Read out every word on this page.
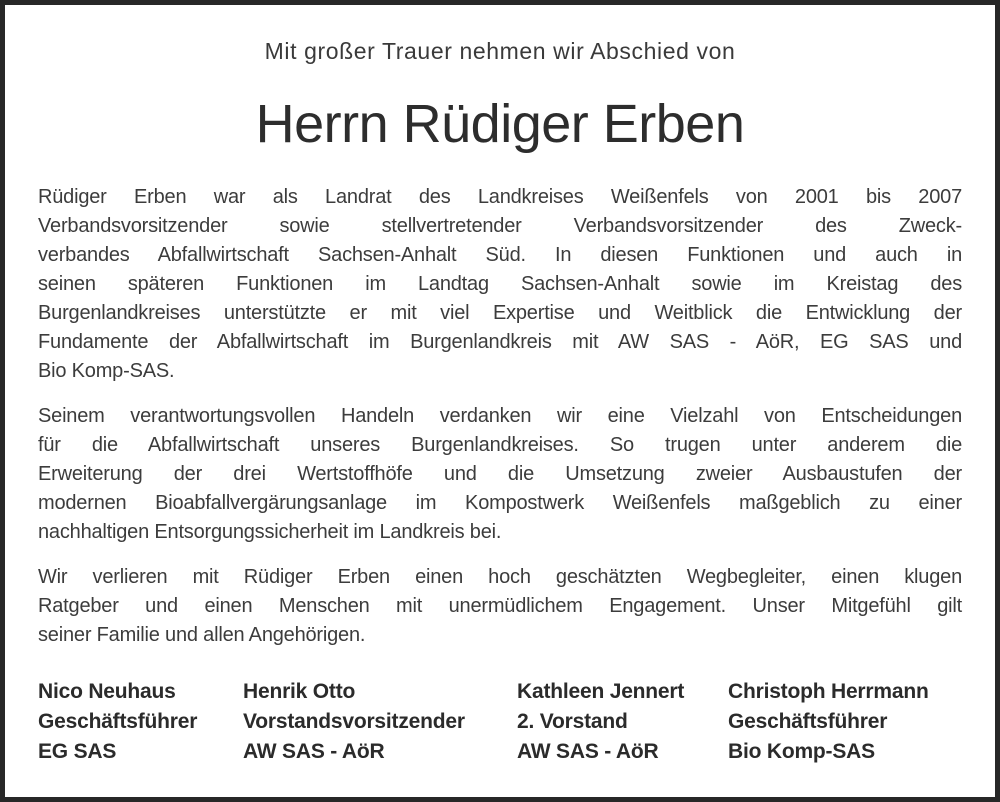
Mit großer Trauer nehmen wir Abschied von
Herrn Rüdiger Erben
Rüdiger Erben war als Landrat des Landkreises Weißenfels von 2001 bis 2007
Verbandsvorsitzender sowie stellvertretender Verbandsvorsitzender des Zweck-
verbandes Abfallwirtschaft Sachsen-Anhalt Süd. In diesen Funktionen und auch in
seinen späteren Funktionen im Landtag Sachsen-Anhalt sowie im Kreistag des
Burgenlandkreises unterstützte er mit viel Expertise und Weitblick die Entwicklung der
Fundamente der Abfallwirtschaft im Burgenlandkreis mit AW SAS - AöR, EG SAS und
Bio Komp-SAS.
Seinem verantwortungsvollen Handeln verdanken wir eine Vielzahl von Entscheidungen
für die Abfallwirtschaft unseres Burgenlandkreises. So trugen unter anderem die
Erweiterung der drei Wertstoffhöfe und die Umsetzung zweier Ausbaustufen der
modernen Bioabfallvergärungsanlage im Kompostwerk Weißenfels maßgeblich zu einer
nachhaltigen Entsorgungssicherheit im Landkreis bei.
Wir verlieren mit Rüdiger Erben einen hoch geschätzten Wegbegleiter, einen klugen
Ratgeber und einen Menschen mit unermüdlichem Engagement. Unser Mitgefühl gilt
seiner Familie und allen Angehörigen.
Nico Neuhaus
Geschäftsführer
EG SAS
Henrik Otto
Vorstandsvorsitzender
AW SAS - AöR
Kathleen Jennert
2. Vorstand
AW SAS - AöR
Christoph Herrmann
Geschäftsführer
Bio Komp-SAS
